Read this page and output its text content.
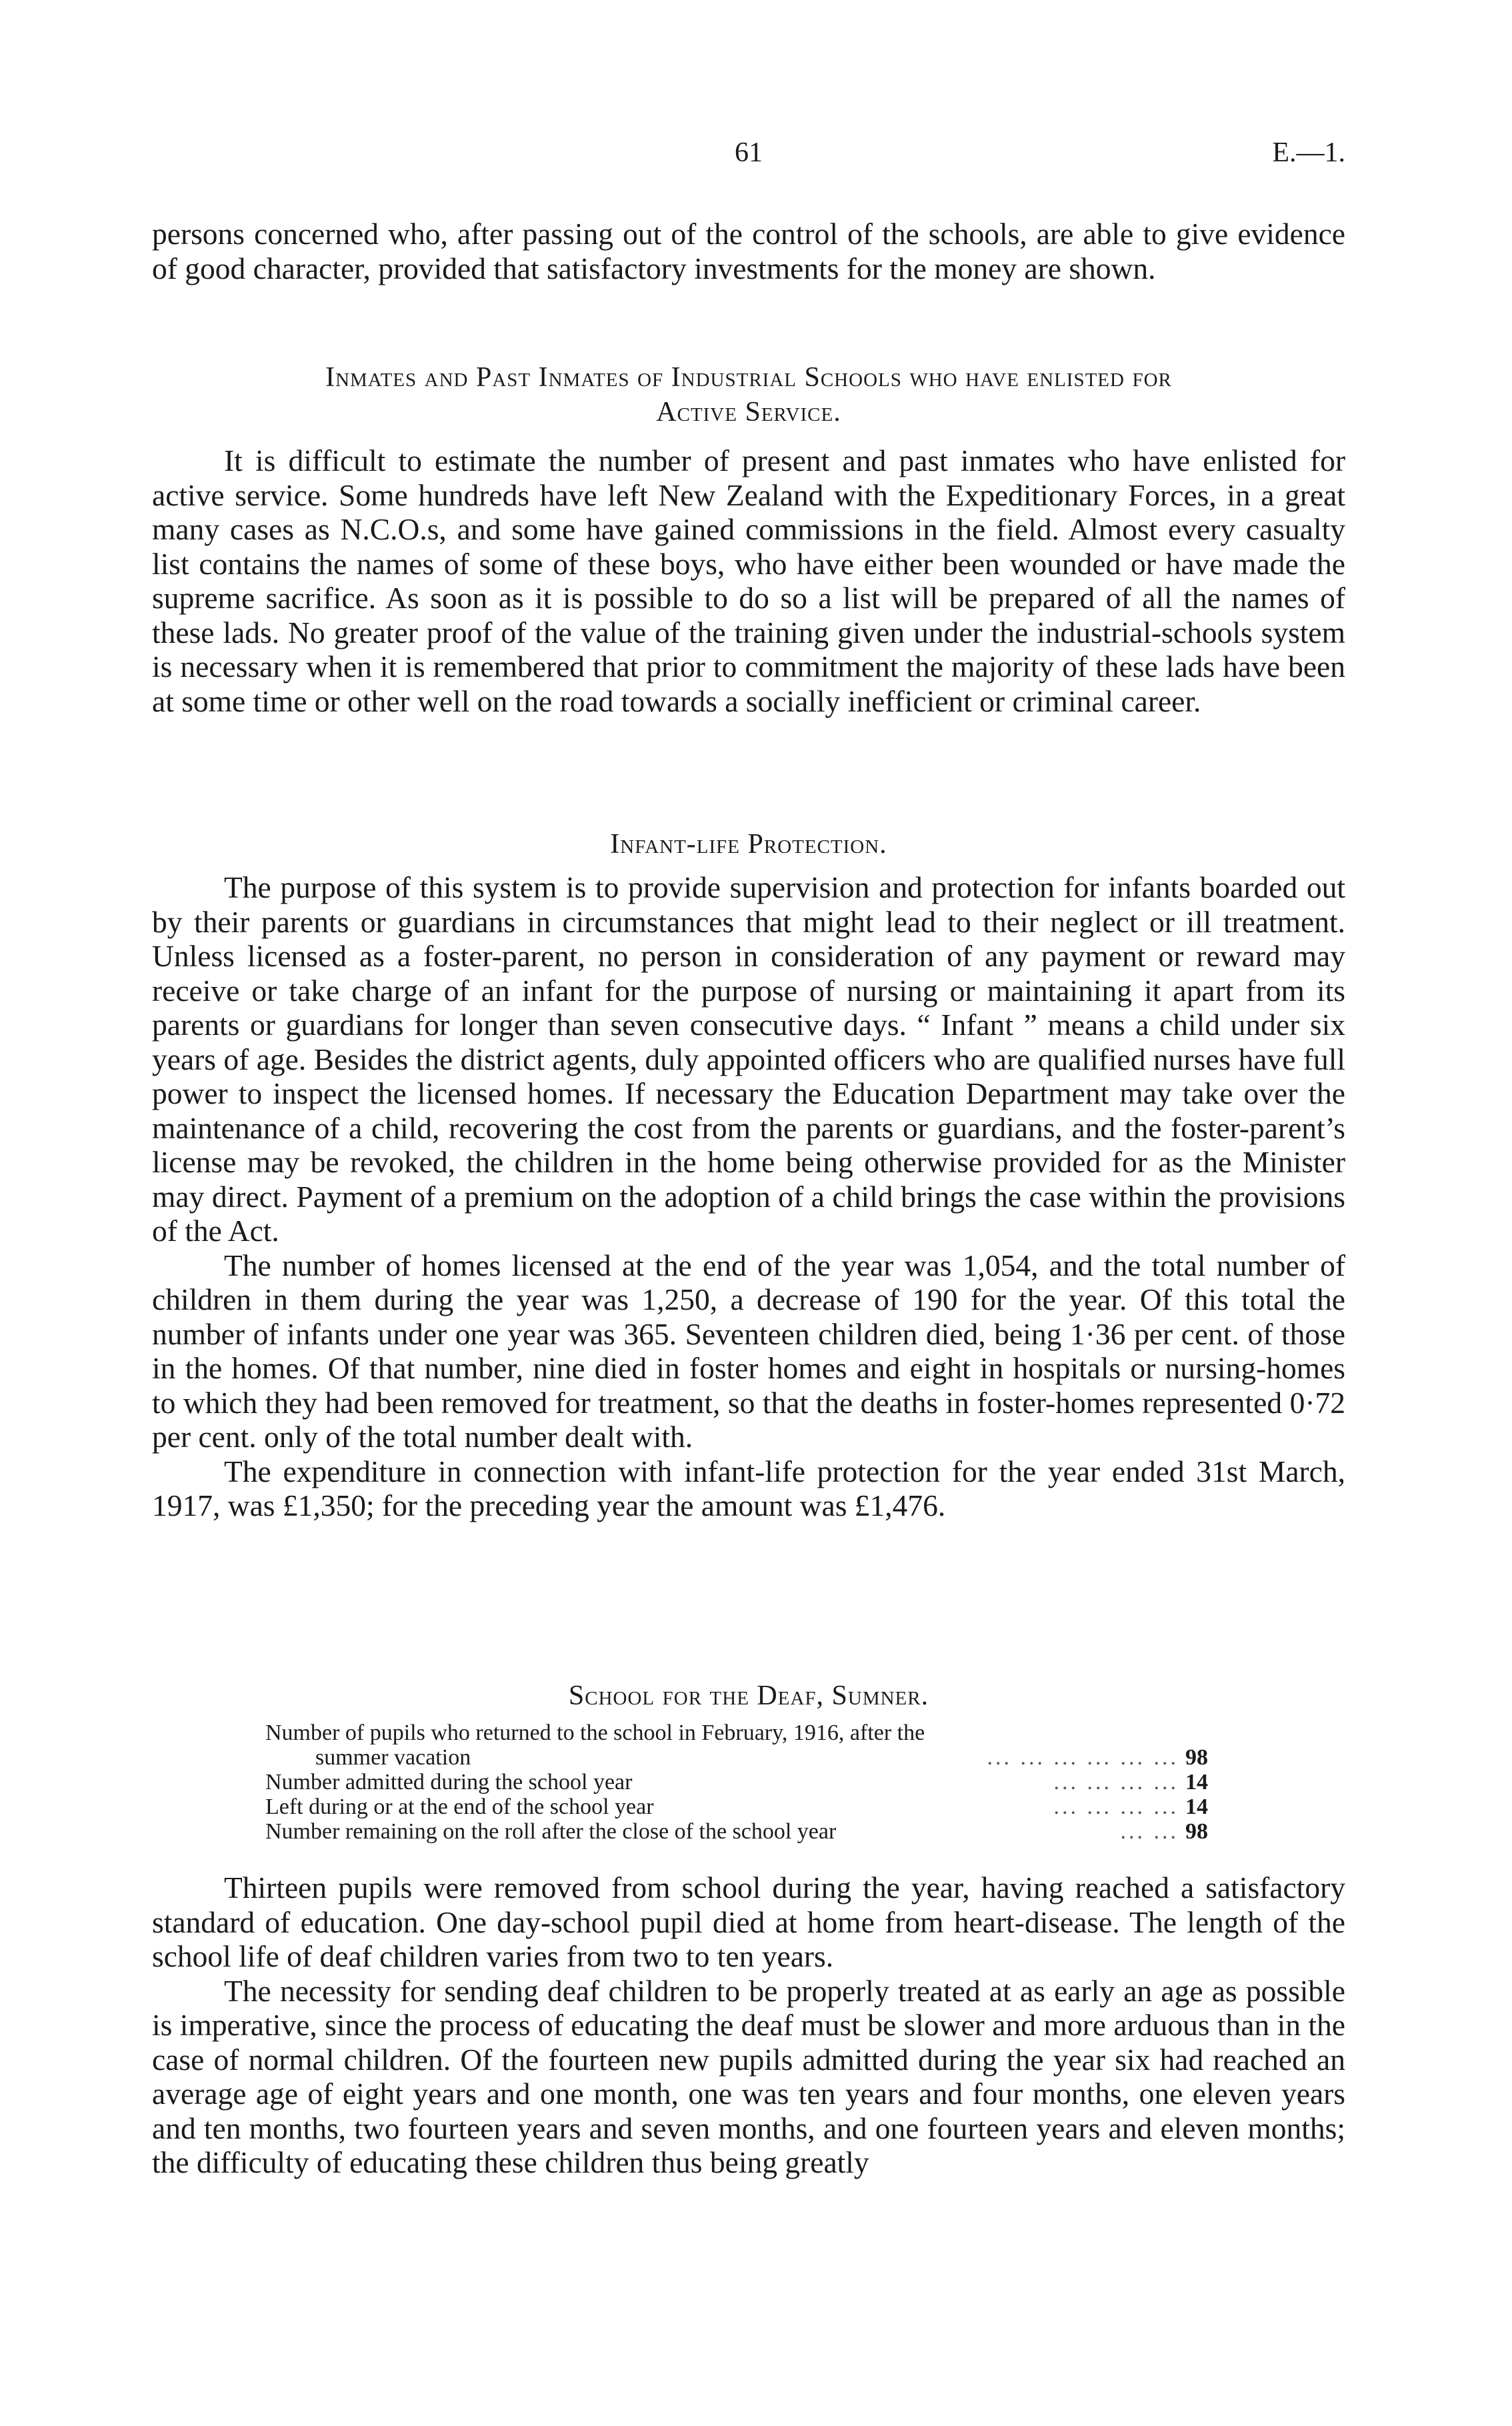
61	E.—1.

persons concerned who, after passing out of the control of the schools, are able to give evidence of good character, provided that satisfactory investments for the money are shown.

Inmates and Past Inmates of Industrial Schools who have enlisted for
Active Service.

It is difficult to estimate the number of present and past inmates who have enlisted for active service. Some hundreds have left New Zealand with the Expeditionary Forces, in a great many cases as N.C.O.s, and some have gained commissions in the field. Almost every casualty list contains the names of some of these boys, who have either been wounded or have made the supreme sacrifice. As soon as it is possible to do so a list will be prepared of all the names of these lads. No greater proof of the value of the training given under the industrial-schools system is necessary when it is remembered that prior to commitment the majority of these lads have been at some time or other well on the road towards a socially inefficient or criminal career.

Infant-life Protection.

The purpose of this system is to provide supervision and protection for infants boarded out by their parents or guardians in circumstances that might lead to their neglect or ill treatment. Unless licensed as a foster-parent, no person in consideration of any payment or reward may receive or take charge of an infant for the purpose of nursing or maintaining it apart from its parents or guardians for longer than seven consecutive days. “ Infant ” means a child under six years of age. Besides the district agents, duly appointed officers who are qualified nurses have full power to inspect the licensed homes. If necessary the Education Department may take over the maintenance of a child, recovering the cost from the parents or guardians, and the foster-parent’s license may be revoked, the children in the home being otherwise provided for as the Minister may direct. Payment of a premium on the adoption of a child brings the case within the provisions of the Act.

The number of homes licensed at the end of the year was 1,054, and the total number of children in them during the year was 1,250, a decrease of 190 for the year. Of this total the number of infants under one year was 365. Seventeen children died, being 1·36 per cent. of those in the homes. Of that number, nine died in foster homes and eight in hospitals or nursing-homes to which they had been removed for treatment, so that the deaths in foster-homes represented 0·72 per cent. only of the total number dealt with.

The expenditure in connection with infant-life protection for the year ended 31st March, 1917, was £1,350; for the preceding year the amount was £1,476.

School for the Deaf, Sumner.
Number of pupils who returned to the school in February, 1916, after the
summer vacation	... ... ... ... ... ... 98
Number admitted during the school year	... ... ... ... 14
Left during or at the end of the school year	... ... ... ... 14
Number remaining on the roll after the close of the school year	... ... 98

Thirteen pupils were removed from school during the year, having reached a satisfactory standard of education. One day-school pupil died at home from heart-disease. The length of the school life of deaf children varies from two to ten years.

The necessity for sending deaf children to be properly treated at as early an age as possible is imperative, since the process of educating the deaf must be slower and more arduous than in the case of normal children. Of the fourteen new pupils admitted during the year six had reached an average age of eight years and one month, one was ten years and four months, one eleven years and ten months, two fourteen years and seven months, and one fourteen years and eleven months; the difficulty of educating these children thus being greatly
